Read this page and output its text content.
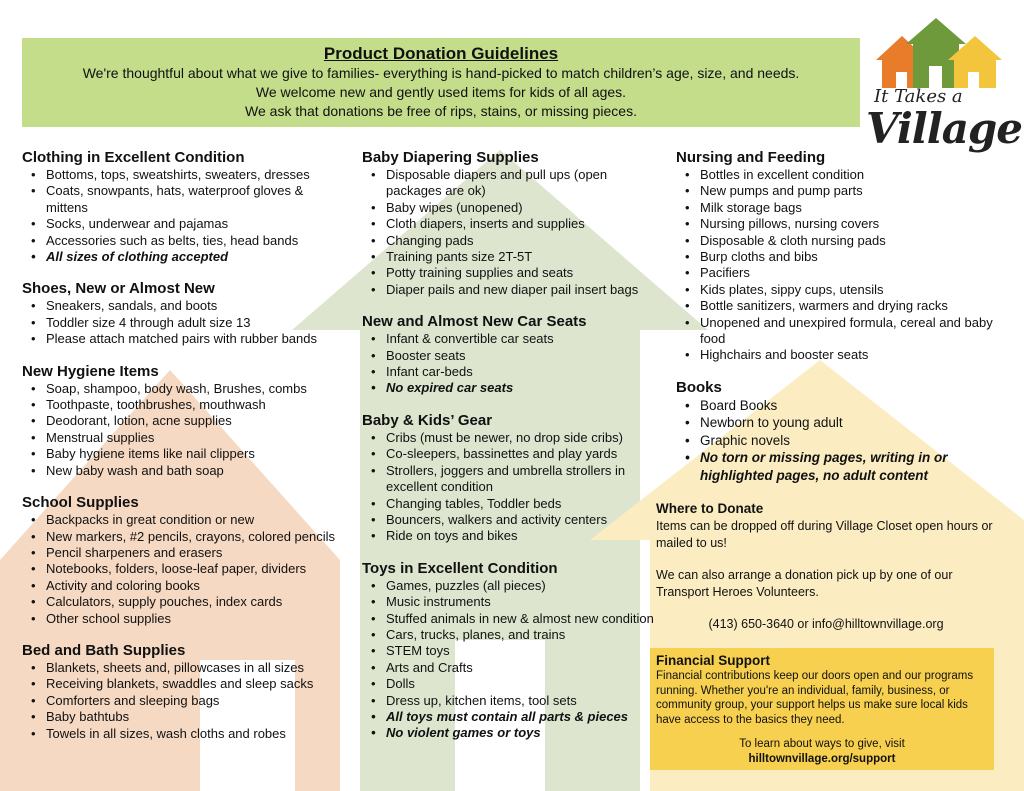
Product Donation Guidelines
We're thoughtful about what we give to families- everything is hand-picked to match children’s age, size, and needs.
We welcome new and gently used items for kids of all ages.
We ask that donations be free of rips, stains, or missing pieces.
It Takes a
Village
Clothing in Excellent Condition
• Bottoms, tops, sweatshirts, sweaters, dresses
• Coats, snowpants, hats, waterproof gloves & mittens
• Socks, underwear and pajamas
• Accessories such as belts, ties, head bands
• All sizes of clothing accepted
Shoes, New or Almost New
• Sneakers, sandals, and boots
• Toddler size 4 through adult size 13
• Please attach matched pairs with rubber bands
New Hygiene Items
• Soap, shampoo, body wash, Brushes, combs
• Toothpaste, toothbrushes, mouthwash
• Deodorant, lotion, acne supplies
• Menstrual supplies
• Baby hygiene items like nail clippers
• New baby wash and bath soap
School Supplies
• Backpacks in great condition or new
• New markers, #2 pencils, crayons, colored pencils
• Pencil sharpeners and erasers
• Notebooks, folders, loose-leaf paper, dividers
• Activity and coloring books
• Calculators, supply pouches, index cards
• Other school supplies
Bed and Bath Supplies
• Blankets, sheets and, pillowcases in all sizes
• Receiving blankets, swaddles and sleep sacks
• Comforters and sleeping bags
• Baby bathtubs
• Towels in all sizes, wash cloths and robes
Baby Diapering Supplies
• Disposable diapers and pull ups (open packages are ok)
• Baby wipes (unopened)
• Cloth diapers, inserts and supplies
• Changing pads
• Training pants size 2T-5T
• Potty training supplies and seats
• Diaper pails and new diaper pail insert bags
New and Almost New Car Seats
• Infant & convertible car seats
• Booster seats
• Infant car-beds
• No expired car seats
Baby & Kids’ Gear
• Cribs (must be newer, no drop side cribs)
• Co-sleepers, bassinettes and play yards
• Strollers, joggers and umbrella strollers in excellent condition
• Changing tables, Toddler beds
• Bouncers, walkers and activity centers
• Ride on toys and bikes
Toys in Excellent Condition
• Games, puzzles (all pieces)
• Music instruments
• Stuffed animals in new & almost new condition
• Cars, trucks, planes, and trains
• STEM toys
• Arts and Crafts
• Dolls
• Dress up, kitchen items, tool sets
• All toys must contain all parts & pieces
• No violent games or toys
Nursing and Feeding
• Bottles in excellent condition
• New pumps and pump parts
• Milk storage bags
• Nursing pillows, nursing covers
• Disposable & cloth nursing pads
• Burp cloths and bibs
• Pacifiers
• Kids plates, sippy cups, utensils
• Bottle sanitizers, warmers and drying racks
• Unopened and unexpired formula, cereal and baby food
• Highchairs and booster seats
Books
• Board Books
• Newborn to young adult
• Graphic novels
• No torn or missing pages, writing in or highlighted pages, no adult content
Where to Donate

Items can be dropped off during Village Closet open hours or mailed to us!

We can also arrange a donation pick up by one of our Transport Heroes Volunteers.

(413) 650-3640 or info@hilltownvillage.org

Financial Support
Financial contributions keep our doors open and our programs running. Whether you're an individual, family, business, or community group, your support helps us make sure local kids have access to the basics they need.
To learn about ways to give, visit
hilltownvillage.org/support
